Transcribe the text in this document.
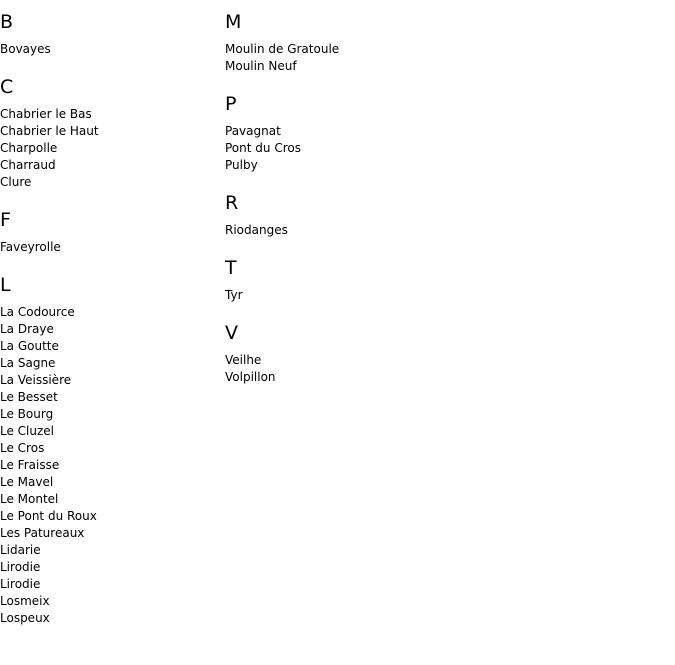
B
Bovayes
C
Chabrier le Bas
Chabrier le Haut
Charpolle
Charraud
Clure
F
Faveyrolle
L
La Codource
La Draye
La Goutte
La Sagne
La Veissière
Le Besset
Le Bourg
Le Cluzel
Le Cros
Le Fraisse
Le Mavel
Le Montel
Le Pont du Roux
Les Patureaux
Lidarie
Lirodie
Lirodie
Losmeix
Lospeux
M
Moulin de Gratoule
Moulin Neuf
P
Pavagnat
Pont du Cros
Pulby
R
Riodanges
T
Tyr
V
Veilhe
Volpillon
